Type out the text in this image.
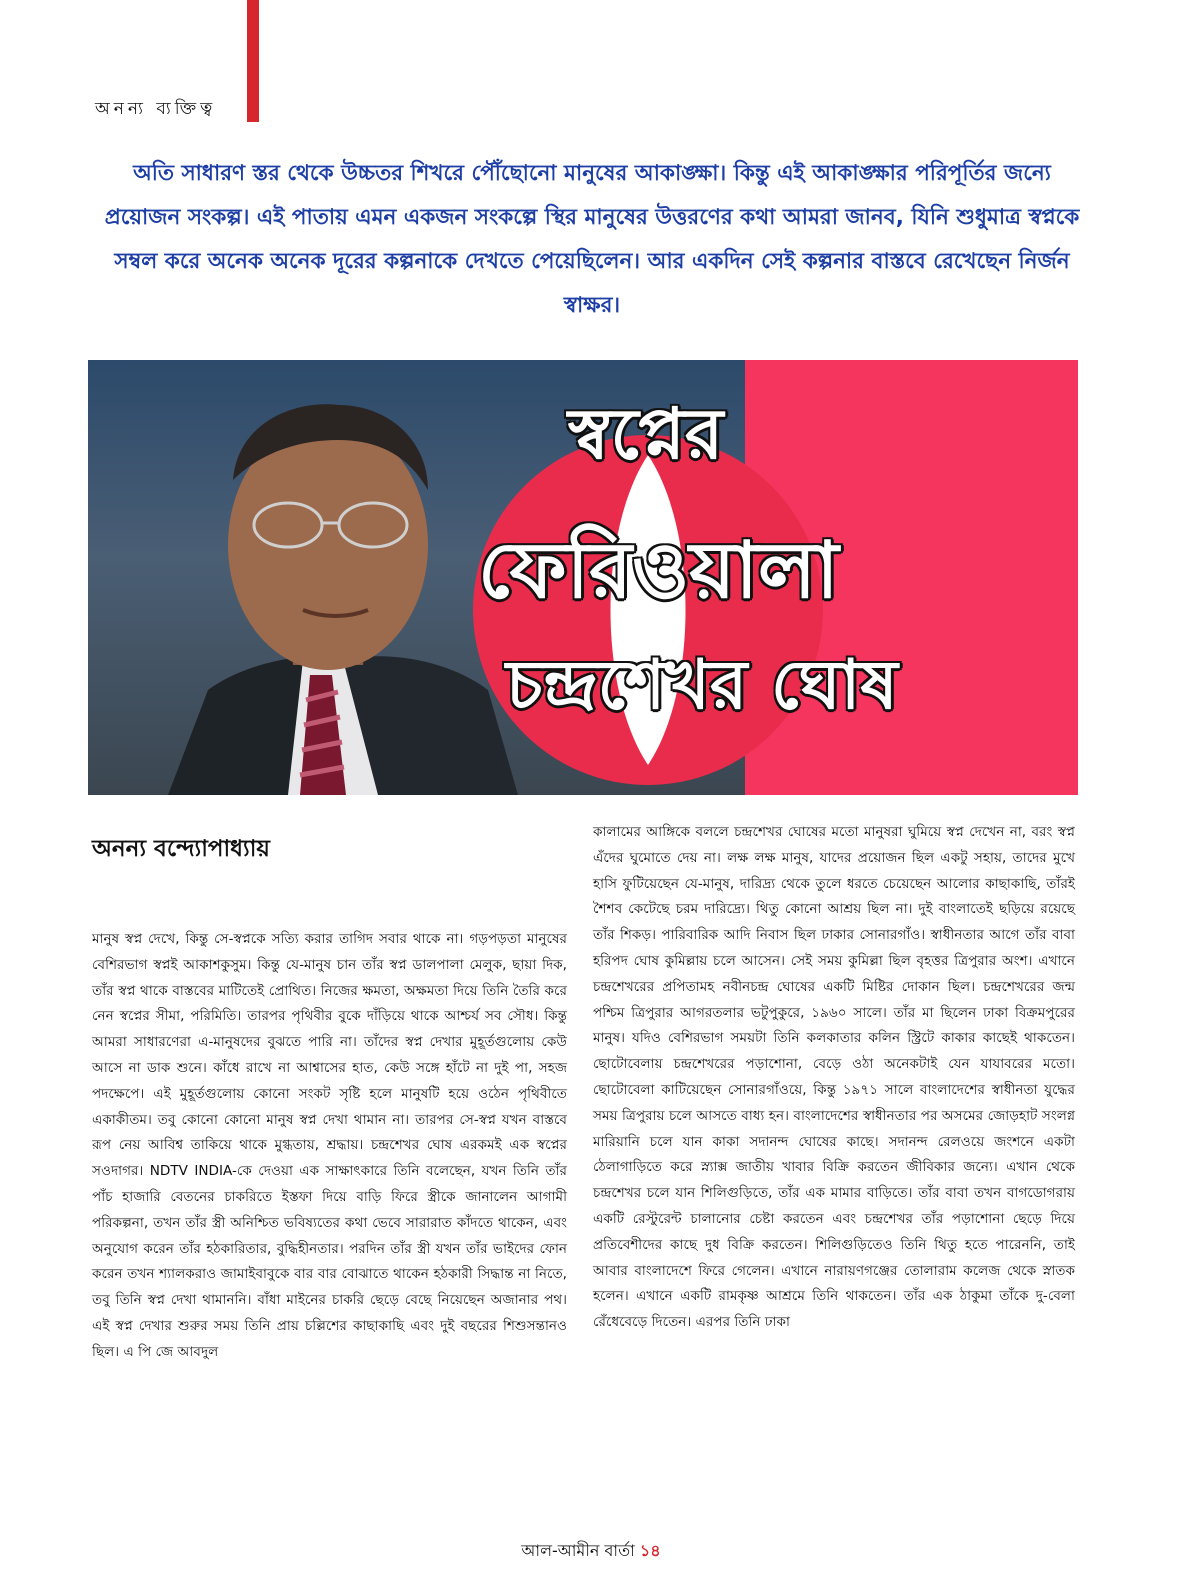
অনন্য ব্যক্তিত্ব
অতি সাধারণ স্তর থেকে উচ্চতর শিখরে পৌঁছোনো মানুষের আকাঙ্ক্ষা। কিন্তু এই আকাঙ্ক্ষার পরিপূর্তির জন্যে প্রয়োজন সংকল্প। এই পাতায় এমন একজন সংকল্পে স্থির মানুষের উত্তরণের কথা আমরা জানব, যিনি শুধুমাত্র স্বপ্নকে সম্বল করে অনেক অনেক দূরের কল্পনাকে দেখতে পেয়েছিলেন। আর একদিন সেই কল্পনার বাস্তবে রেখেছেন নির্জন স্বাক্ষর।
স্বপ্নের
ফেরিওয়ালা
চন্দ্রশেখর ঘোষ
অনন্য বন্দ্যোপাধ্যায়
মানুষ স্বপ্ন দেখে, কিন্তু সে-স্বপ্নকে সত্যি করার তাগিদ সবার থাকে না। গড়পড়তা মানুষের বেশিরভাগ স্বপ্নই আকাশকুসুম। কিন্তু যে-মানুষ চান তাঁর স্বপ্ন ডালপালা মেলুক, ছায়া দিক, তাঁর স্বপ্ন থাকে বাস্তবের মাটিতেই প্রোথিত। নিজের ক্ষমতা, অক্ষমতা দিয়ে তিনি তৈরি করে নেন স্বপ্নের সীমা, পরিমিতি। তারপর পৃথিবীর বুকে দাঁড়িয়ে থাকে আশ্চর্য সব সৌধ। কিন্তু আমরা সাধারণেরা এ-মানুষদের বুঝতে পারি না। তাঁদের স্বপ্ন দেখার মুহূর্তগুলোয় কেউ আসে না ডাক শুনে। কাঁধে রাখে না আশ্বাসের হাত, কেউ সঙ্গে হাঁটে না দুই পা, সহজ পদক্ষেপে। এই মুহূর্তগুলোয় কোনো সংকট সৃষ্টি হলে মানুষটি হয়ে ওঠেন পৃথিবীতে একাকীতম। তবু কোনো কোনো মানুষ স্বপ্ন দেখা থামান না। তারপর সে-স্বপ্ন যখন বাস্তবে রূপ নেয় আবিশ্ব তাকিয়ে থাকে মুগ্ধতায়, শ্রদ্ধায়। চন্দ্রশেখর ঘোষ এরকমই এক স্বপ্নের সওদাগর। NDTV INDIA-কে দেওয়া এক সাক্ষাৎকারে তিনি বলেছেন, যখন তিনি তাঁর পাঁচ হাজারি বেতনের চাকরিতে ইস্তফা দিয়ে বাড়ি ফিরে স্ত্রীকে জানালেন আগামী পরিকল্পনা, তখন তাঁর স্ত্রী অনিশ্চিত ভবিষ্যতের কথা ভেবে সারারাত কাঁদতে থাকেন, এবং অনুযোগ করেন তাঁর হঠকারিতার, বুদ্ধিহীনতার। পরদিন তাঁর স্ত্রী যখন তাঁর ভাইদের ফোন করেন তখন শ্যালকরাও জামাইবাবুকে বার বার বোঝাতে থাকেন হঠকারী সিদ্ধান্ত না নিতে, তবু তিনি স্বপ্ন দেখা থামাননি। বাঁধা মাইনের চাকরি ছেড়ে বেছে নিয়েছেন অজানার পথ। এই স্বপ্ন দেখার শুরুর সময় তিনি প্রায় চল্লিশের কাছাকাছি এবং দুই বছরের শিশুসন্তানও ছিল। এ পি জে আবদুল
কালামের আঙ্গিকে বললে চন্দ্রশেখর ঘোষের মতো মানুষরা ঘুমিয়ে স্বপ্ন দেখেন না, বরং স্বপ্ন এঁদের ঘুমোতে দেয় না। লক্ষ লক্ষ মানুষ, যাদের প্রয়োজন ছিল একটু সহায়, তাদের মুখে হাসি ফুটিয়েছেন যে-মানুষ, দারিদ্র্য থেকে তুলে ধরতে চেয়েছেন আলোর কাছাকাছি, তাঁরই শৈশব কেটেছে চরম দারিদ্র্যে। থিতু কোনো আশ্রয় ছিল না। দুই বাংলাতেই ছড়িয়ে রয়েছে তাঁর শিকড়। পারিবারিক আদি নিবাস ছিল ঢাকার সোনারগাঁও। স্বাধীনতার আগে তাঁর বাবা হরিপদ ঘোষ কুমিল্লায় চলে আসেন। সেই সময় কুমিল্লা ছিল বৃহত্তর ত্রিপুরার অংশ। এখানে চন্দ্রশেখরের প্রপিতামহ নবীনচন্দ্র ঘোষের একটি মিষ্টির দোকান ছিল। চন্দ্রশেখরের জন্ম পশ্চিম ত্রিপুরার আগরতলার ভটুপুকুরে, ১৯৬০ সালে। তাঁর মা ছিলেন ঢাকা বিক্রমপুরের মানুষ। যদিও বেশিরভাগ সময়টা তিনি কলকাতার কলিন স্ট্রিটে কাকার কাছেই থাকতেন। ছোটোবেলায় চন্দ্রশেখরের পড়াশোনা, বেড়ে ওঠা অনেকটাই যেন যাযাবরের মতো। ছোটোবেলা কাটিয়েছেন সোনারগাঁওয়ে, কিন্তু ১৯৭১ সালে বাংলাদেশের স্বাধীনতা যুদ্ধের সময় ত্রিপুরায় চলে আসতে বাধ্য হন। বাংলাদেশের স্বাধীনতার পর অসমের জোড়হাট সংলগ্ন মারিয়ানি চলে যান কাকা সদানন্দ ঘোষের কাছে। সদানন্দ রেলওয়ে জংশনে একটা ঠেলাগাড়িতে করে স্ন্যাক্স জাতীয় খাবার বিক্রি করতেন জীবিকার জন্যে। এখান থেকে চন্দ্রশেখর চলে যান শিলিগুড়িতে, তাঁর এক মামার বাড়িতে। তাঁর বাবা তখন বাগডোগরায় একটি রেস্টুরেন্ট চালানোর চেষ্টা করতেন এবং চন্দ্রশেখর তাঁর পড়াশোনা ছেড়ে দিয়ে প্রতিবেশীদের কাছে দুধ বিক্রি করতেন। শিলিগুড়িতেও তিনি থিতু হতে পারেননি, তাই আবার বাংলাদেশে ফিরে গেলেন। এখানে নারায়ণগঞ্জের তোলারাম কলেজ থেকে স্নাতক হলেন। এখানে একটি রামকৃষ্ণ আশ্রমে তিনি থাকতেন। তাঁর এক ঠাকুমা তাঁকে দু-বেলা রেঁধেবেড়ে দিতেন। এরপর তিনি ঢাকা
আল-আমীন বার্তা ১৪
